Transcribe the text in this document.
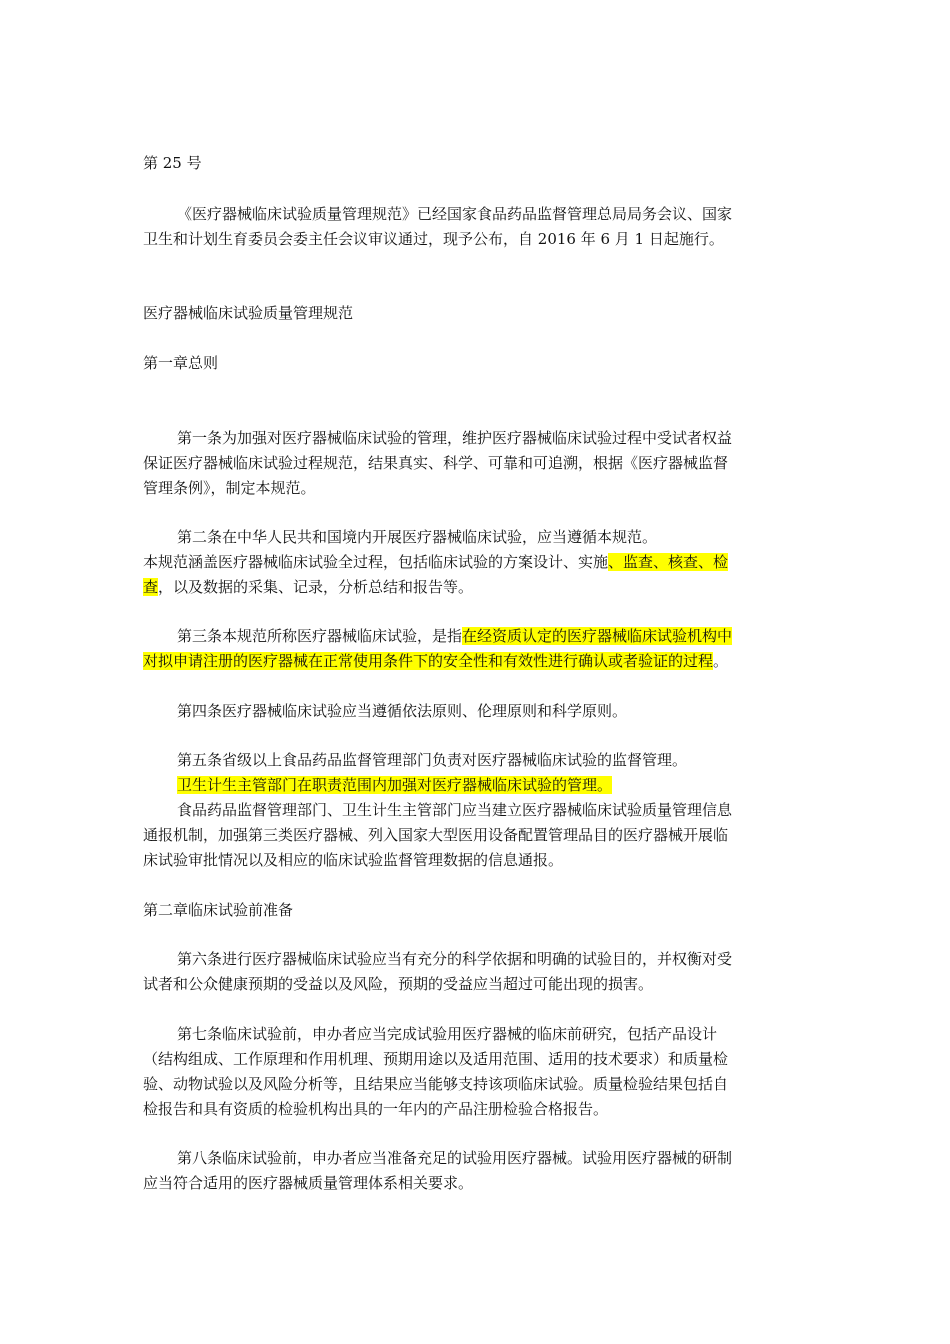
第 25 号
《医疗器械临床试验质量管理规范》已经国家食品药品监督管理总局局务会议、国家
卫生和计划生育委员会委主任会议审议通过，现予公布，自 2016 年 6 月 1 日起施行。
医疗器械临床试验质量管理规范
第一章总则
第一条为加强对医疗器械临床试验的管理，维护医疗器械临床试验过程中受试者权益
保证医疗器械临床试验过程规范，结果真实、科学、可靠和可追溯，根据《医疗器械监督
管理条例》，制定本规范。
第二条在中华人民共和国境内开展医疗器械临床试验，应当遵循本规范。
本规范涵盖医疗器械临床试验全过程，包括临床试验的方案设计、实施、监查、核查、检
查，以及数据的采集、记录，分析总结和报告等。
第三条本规范所称医疗器械临床试验，是指在经资质认定的医疗器械临床试验机构中
对拟申请注册的医疗器械在正常使用条件下的安全性和有效性进行确认或者验证的过程。
第四条医疗器械临床试验应当遵循依法原则、伦理原则和科学原则。
第五条省级以上食品药品监督管理部门负责对医疗器械临床试验的监督管理。
卫生计生主管部门在职责范围内加强对医疗器械临床试验的管理。
食品药品监督管理部门、卫生计生主管部门应当建立医疗器械临床试验质量管理信息
通报机制，加强第三类医疗器械、列入国家大型医用设备配置管理品目的医疗器械开展临
床试验审批情况以及相应的临床试验监督管理数据的信息通报。
第二章临床试验前准备
第六条进行医疗器械临床试验应当有充分的科学依据和明确的试验目的，并权衡对受
试者和公众健康预期的受益以及风险，预期的受益应当超过可能出现的损害。
第七条临床试验前，申办者应当完成试验用医疗器械的临床前研究，包括产品设计
（结构组成、工作原理和作用机理、预期用途以及适用范围、适用的技术要求）和质量检
验、动物试验以及风险分析等，且结果应当能够支持该项临床试验。质量检验结果包括自
检报告和具有资质的检验机构出具的一年内的产品注册检验合格报告。
第八条临床试验前，申办者应当准备充足的试验用医疗器械。试验用医疗器械的研制
应当符合适用的医疗器械质量管理体系相关要求。
